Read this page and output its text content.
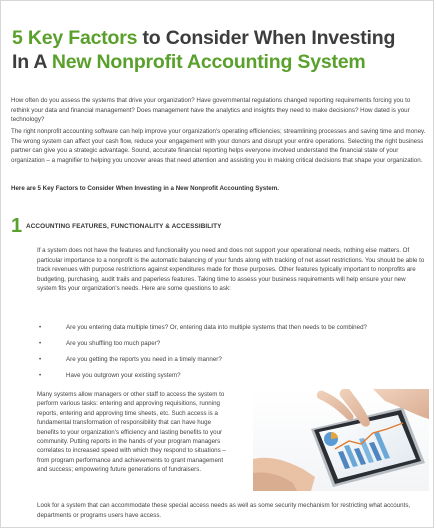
5 Key Factors to Consider When Investing
In A New Nonprofit Accounting System
How often do you assess the systems that drive your organization? Have governmental regulations changed reporting requirements forcing you to rethink your data and financial management? Does management have the analytics and insights they need to make decisions? How dated is your technology?
The right nonprofit accounting software can help improve your organization's operating efficiencies; streamlining processes and saving time and money. The wrong system can affect your cash flow, reduce your engagement with your donors and disrupt your entire operations. Selecting the right business partner can give you a strategic advantage. Sound, accurate financial reporting helps everyone involved understand the financial state of your organization – a magnifier to helping you uncover areas that need attention and assisting you in making critical decisions that shape your organization.
Here are 5 Key Factors to Consider When Investing in a New Nonprofit Accounting System.
1 ACCOUNTING FEATURES, FUNCTIONALITY & ACCESSIBILITY
If a system does not have the features and functionality you need and does not support your operational needs, nothing else matters. Of particular importance to a nonprofit is the automatic balancing of your funds along with tracking of net asset restrictions. You should be able to track revenues with purpose restrictions against expenditures made for those purposes. Other features typically important to nonprofits are budgeting, purchasing, audit trails and paperless features. Taking time to assess your business requirements will help ensure your new system fits your organization's needs. Here are some questions to ask:
•	Are you entering data multiple times? Or, entering data into multiple systems that then needs to be combined?
•	Are you shuffling too much paper?
•	Are you getting the reports you need in a timely manner?
•	Have you outgrown your existing system?
Many systems allow managers or other staff to access the system to perform various tasks: entering and approving requisitions, running reports, entering and approving time sheets, etc. Such access is a fundamental transformation of responsibility that can have huge benefits to your organization's efficiency and lasting benefits to your community. Putting reports in the hands of your program managers correlates to increased speed with which they respond to situations – from program performance and achievements to grant management and success; empowering future generations of fundraisers.
Look for a system that can accommodate these special access needs as well as some security mechanism for restricting what accounts, departments or programs users have access.
